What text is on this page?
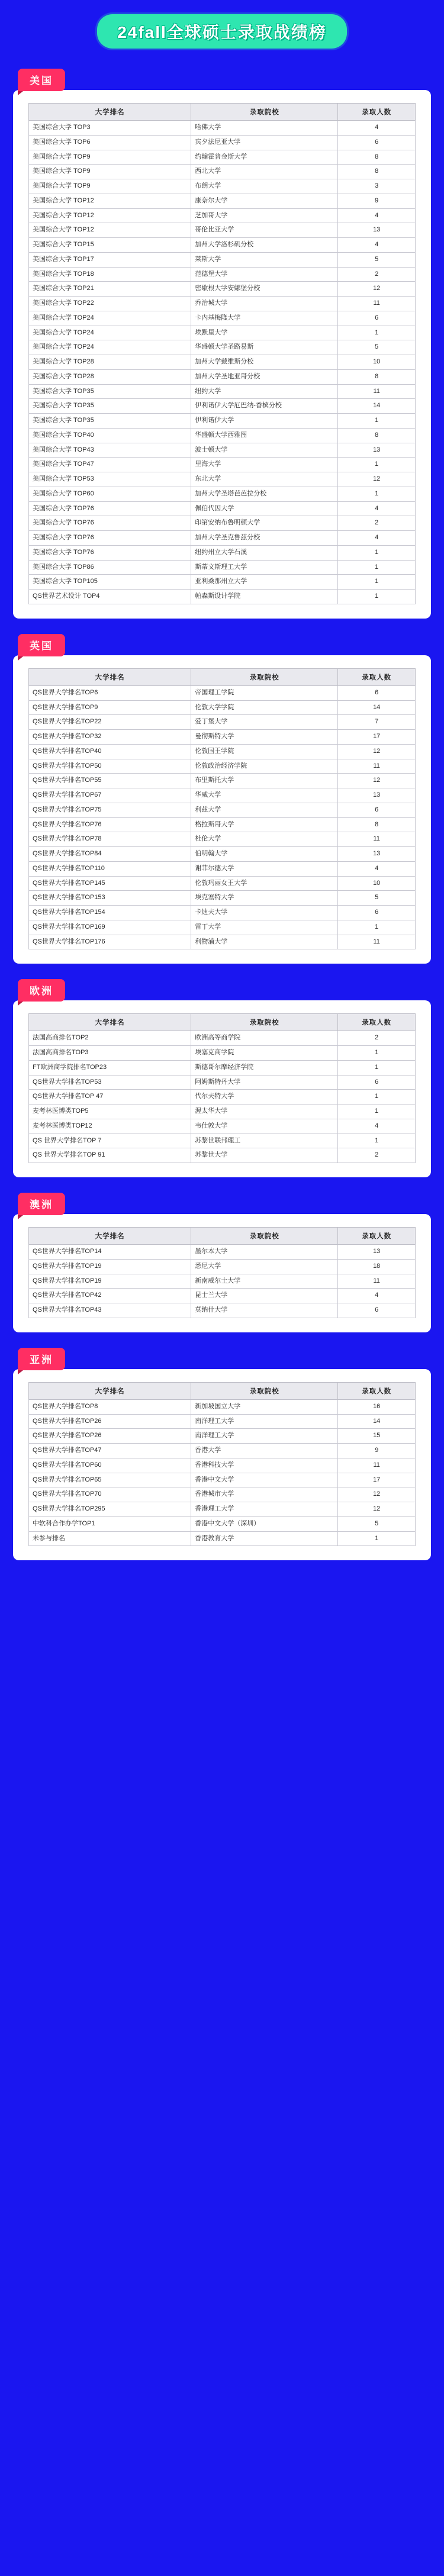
24fall全球硕士录取战绩榜
美国
大学排名	录取院校	录取人数
美国综合大学 TOP3	哈佛大学	4
美国综合大学 TOP6	宾夕法尼亚大学	6
美国综合大学 TOP9	约翰霍普金斯大学	8
美国综合大学 TOP9	西北大学	8
美国综合大学 TOP9	布朗大学	3
美国综合大学 TOP12	康奈尔大学	9
美国综合大学 TOP12	芝加哥大学	4
美国综合大学 TOP12	哥伦比亚大学	13
美国综合大学 TOP15	加州大学洛杉矶分校	4
美国综合大学 TOP17	莱斯大学	5
美国综合大学 TOP18	范德堡大学	2
美国综合大学 TOP21	密歇根大学安娜堡分校	12
美国综合大学 TOP22	乔治城大学	11
美国综合大学 TOP24	卡内基梅隆大学	6
美国综合大学 TOP24	埃默里大学	1
美国综合大学 TOP24	华盛顿大学圣路易斯	5
美国综合大学 TOP28	加州大学戴维斯分校	10
美国综合大学 TOP28	加州大学圣地亚哥分校	8
美国综合大学 TOP35	纽约大学	11
美国综合大学 TOP35	伊利诺伊大学厄巴纳-香槟分校	14
美国综合大学 TOP35	伊利诺伊大学	1
美国综合大学 TOP40	华盛顿大学西雅图	8
美国综合大学 TOP43	波士顿大学	13
美国综合大学 TOP47	里海大学	1
美国综合大学 TOP53	东北大学	12
美国综合大学 TOP60	加州大学圣塔芭芭拉分校	1
美国综合大学 TOP76	佩伯代因大学	4
美国综合大学 TOP76	印第安纳布鲁明顿大学	2
美国综合大学 TOP76	加州大学圣克鲁兹分校	4
美国综合大学 TOP76	纽约州立大学石溪	1
美国综合大学 TOP86	斯蒂文斯理工大学	1
美国综合大学 TOP105	亚利桑那州立大学	1
QS世界艺术设计 TOP4	帕森斯设计学院	1
英国
大学排名	录取院校	录取人数
QS世界大学排名TOP6	帝国理工学院	6
QS世界大学排名TOP9	伦敦大学学院	14
QS世界大学排名TOP22	爱丁堡大学	7
QS世界大学排名TOP32	曼彻斯特大学	17
QS世界大学排名TOP40	伦敦国王学院	12
QS世界大学排名TOP50	伦敦政治经济学院	11
QS世界大学排名TOP55	布里斯托大学	12
QS世界大学排名TOP67	华威大学	13
QS世界大学排名TOP75	利兹大学	6
QS世界大学排名TOP76	格拉斯哥大学	8
QS世界大学排名TOP78	杜伦大学	11
QS世界大学排名TOP84	伯明翰大学	13
QS世界大学排名TOP110	谢菲尔德大学	4
QS世界大学排名TOP145	伦敦玛丽女王大学	10
QS世界大学排名TOP153	埃克塞特大学	5
QS世界大学排名TOP154	卡迪夫大学	6
QS世界大学排名TOP169	雷丁大学	1
QS世界大学排名TOP176	利物浦大学	11
欧洲
大学排名	录取院校	录取人数
法国高商排名TOP2	欧洲高等商学院	2
法国高商排名TOP3	埃塞克商学院	1
FT欧洲商学院排名TOP23	斯德哥尔摩经济学院	1
QS世界大学排名TOP53	阿姆斯特丹大学	6
QS世界大学排名TOP 47	代尔夫特大学	1
麦考林医博类TOP5	渥太华大学	1
麦考林医博类TOP12	韦仕敦大学	4
QS 世界大学排名TOP 7	苏黎世联邦理工	1
QS 世界大学排名TOP 91	苏黎世大学	2
澳洲
大学排名	录取院校	录取人数
QS世界大学排名TOP14	墨尔本大学	13
QS世界大学排名TOP19	悉尼大学	18
QS世界大学排名TOP19	新南威尔士大学	11
QS世界大学排名TOP42	昆士兰大学	4
QS世界大学排名TOP43	莫纳什大学	6
亚洲
大学排名	录取院校	录取人数
QS世界大学排名TOP8	新加坡国立大学	16
QS世界大学排名TOP26	南洋理工大学	14
QS世界大学排名TOP26	南洋理工大学	15
QS世界大学排名TOP47	香港大学	9
QS世界大学排名TOP60	香港科技大学	11
QS世界大学排名TOP65	香港中文大学	17
QS世界大学排名TOP70	香港城市大学	12
QS世界大学排名TOP295	香港理工大学	12
中软科合作办学TOP1	香港中文大学（深圳）	5
未参与排名	香港教育大学	1
